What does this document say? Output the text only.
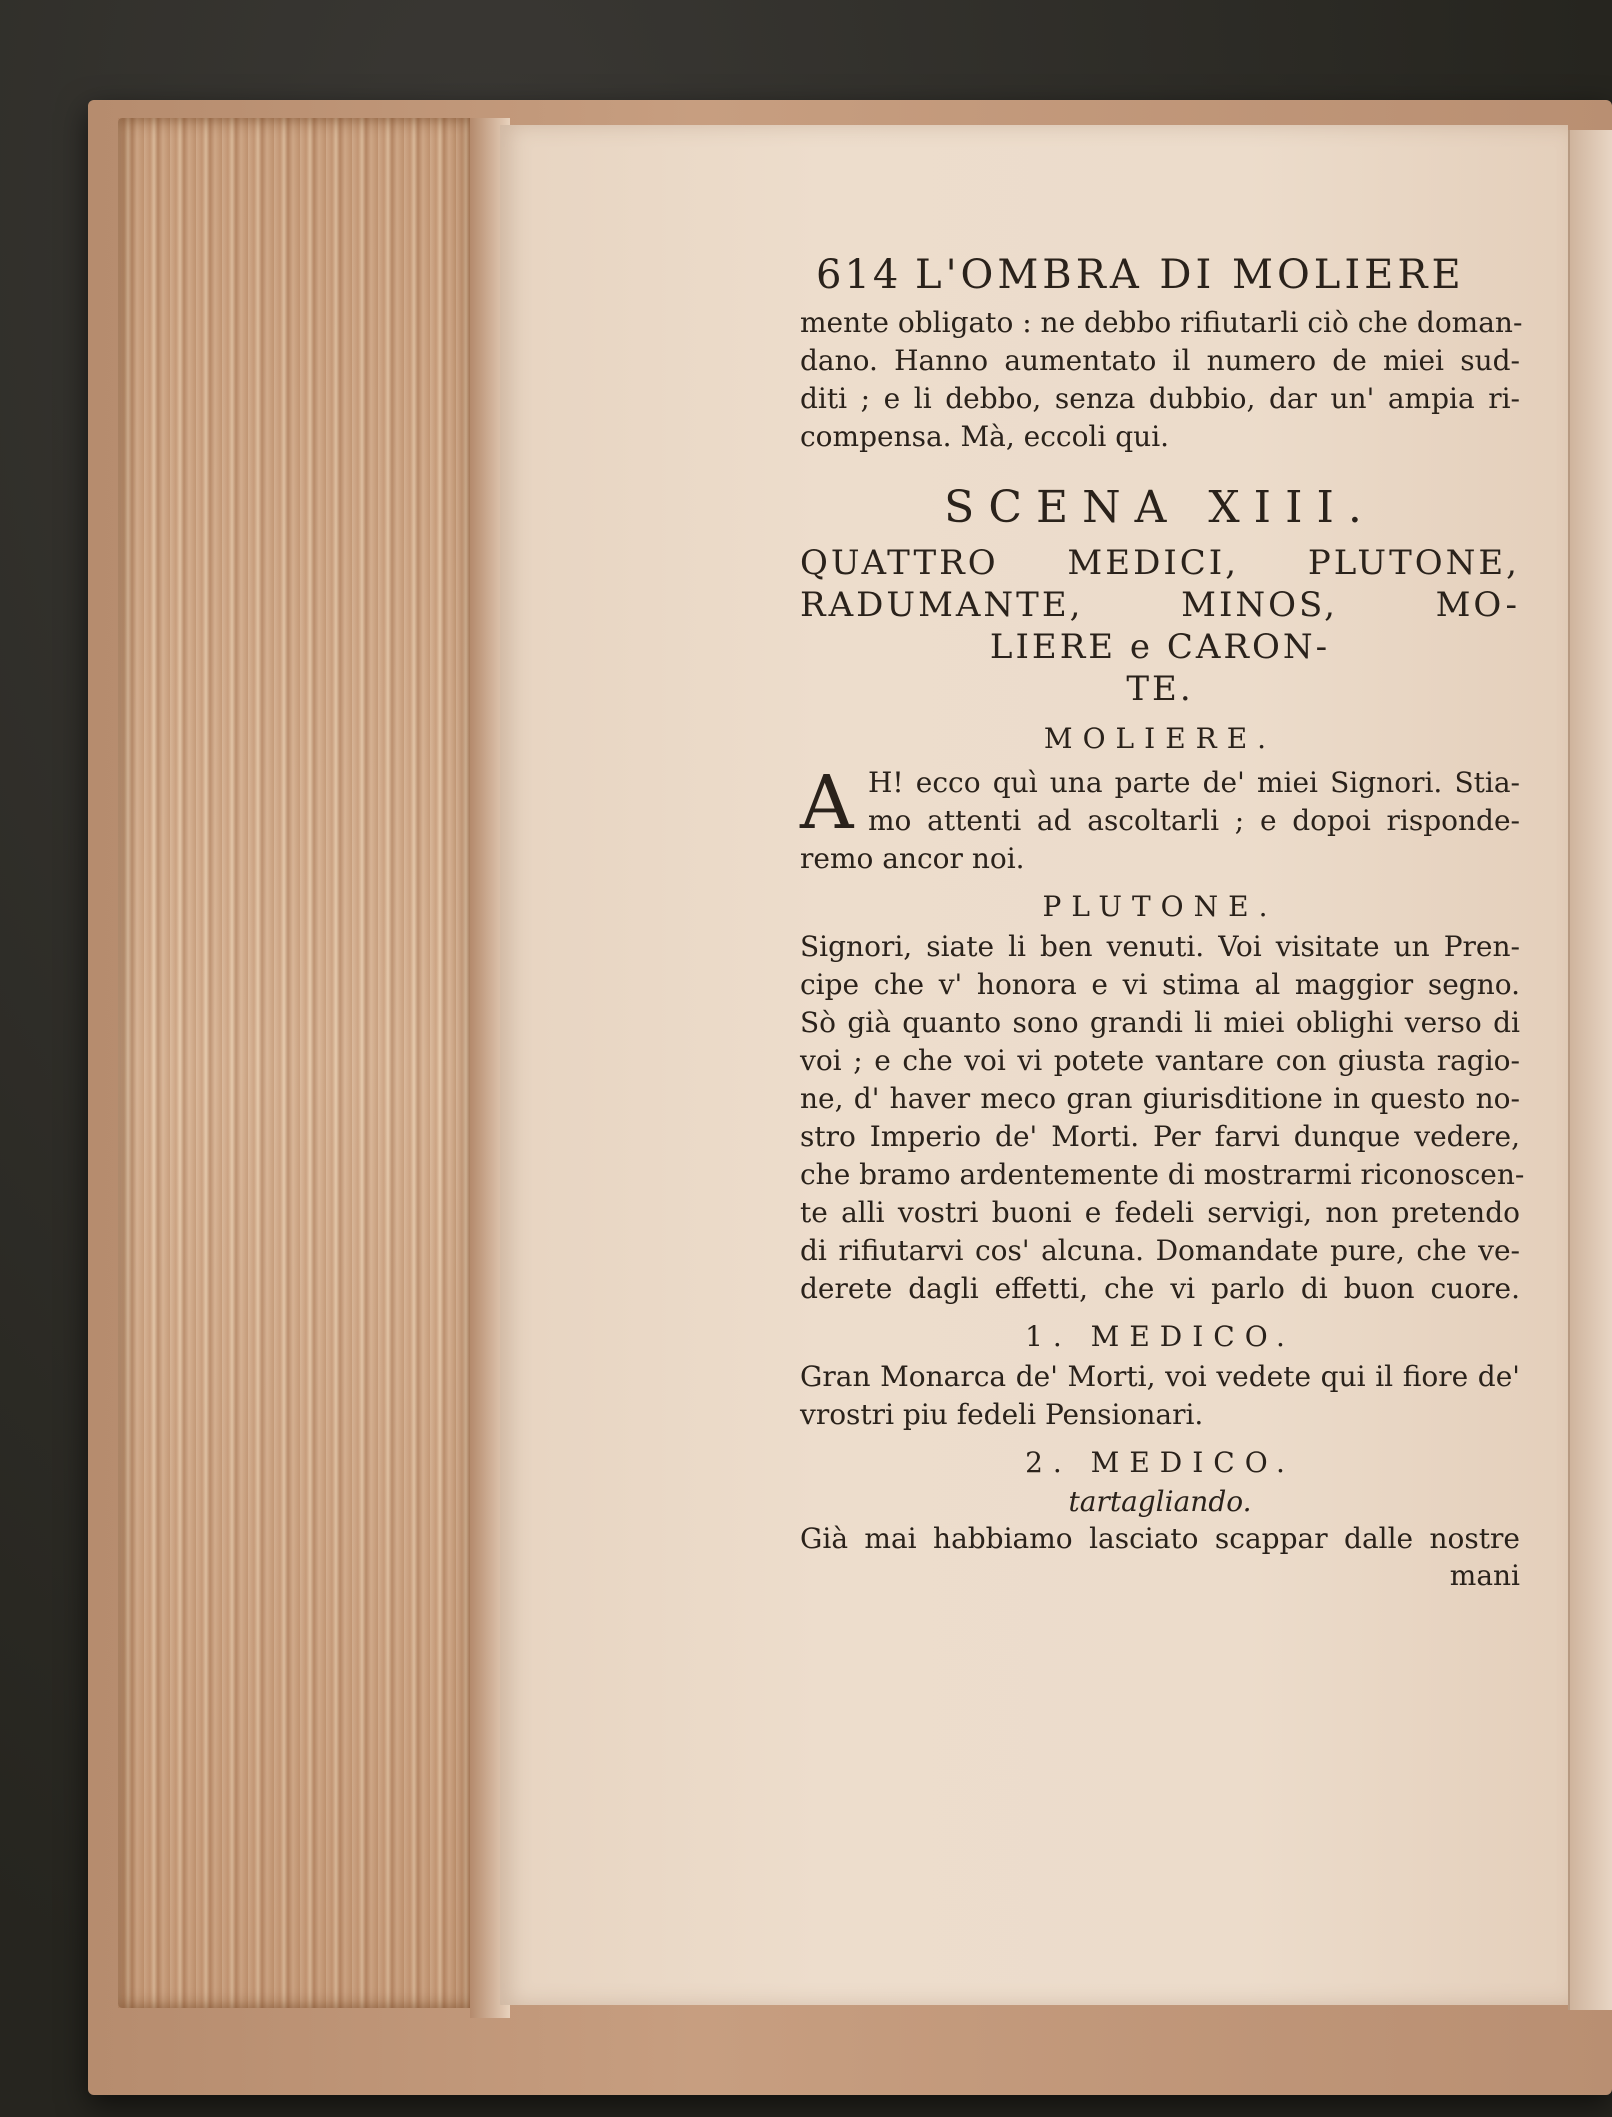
614 L'OMBRA DI MOLIERE
mente obligato : ne debbo rifiutarli ciò che doman-
dano. Hanno aumentato il numero de miei sud-
diti ; e li debbo, senza dubbio, dar un' ampia ri-
compensa. Mà, eccoli qui.
SCENA XIII.
QUATTRO MEDICI, PLUTONE,
RADUMANTE, MINOS, MO-
LIERE e CARON-
TE.
MOLIERE.
A H! ecco quì una parte de' miei Signori. Stia-
mo attenti ad ascoltarli ; e dopoi risponde-
remo ancor noi.
PLUTONE.
Signori, siate li ben venuti. Voi visitate un Pren-
cipe che v' honora e vi stima al maggior segno.
Sò già quanto sono grandi li miei oblighi verso di
voi ; e che voi vi potete vantare con giusta ragio-
ne, d' haver meco gran giurisditione in questo no-
stro Imperio de' Morti. Per farvi dunque vedere,
che bramo ardentemente di mostrarmi riconoscen-
te alli vostri buoni e fedeli servigi, non pretendo
di rifiutarvi cos' alcuna. Domandate pure, che ve-
derete dagli effetti, che vi parlo di buon cuore.
1. MEDICO.
Gran Monarca de' Morti, voi vedete qui il fiore de'
vrostri piu fedeli Pensionari.
2. MEDICO.
tartagliando.
Già mai habbiamo lasciato scappar dalle nostre
mani
